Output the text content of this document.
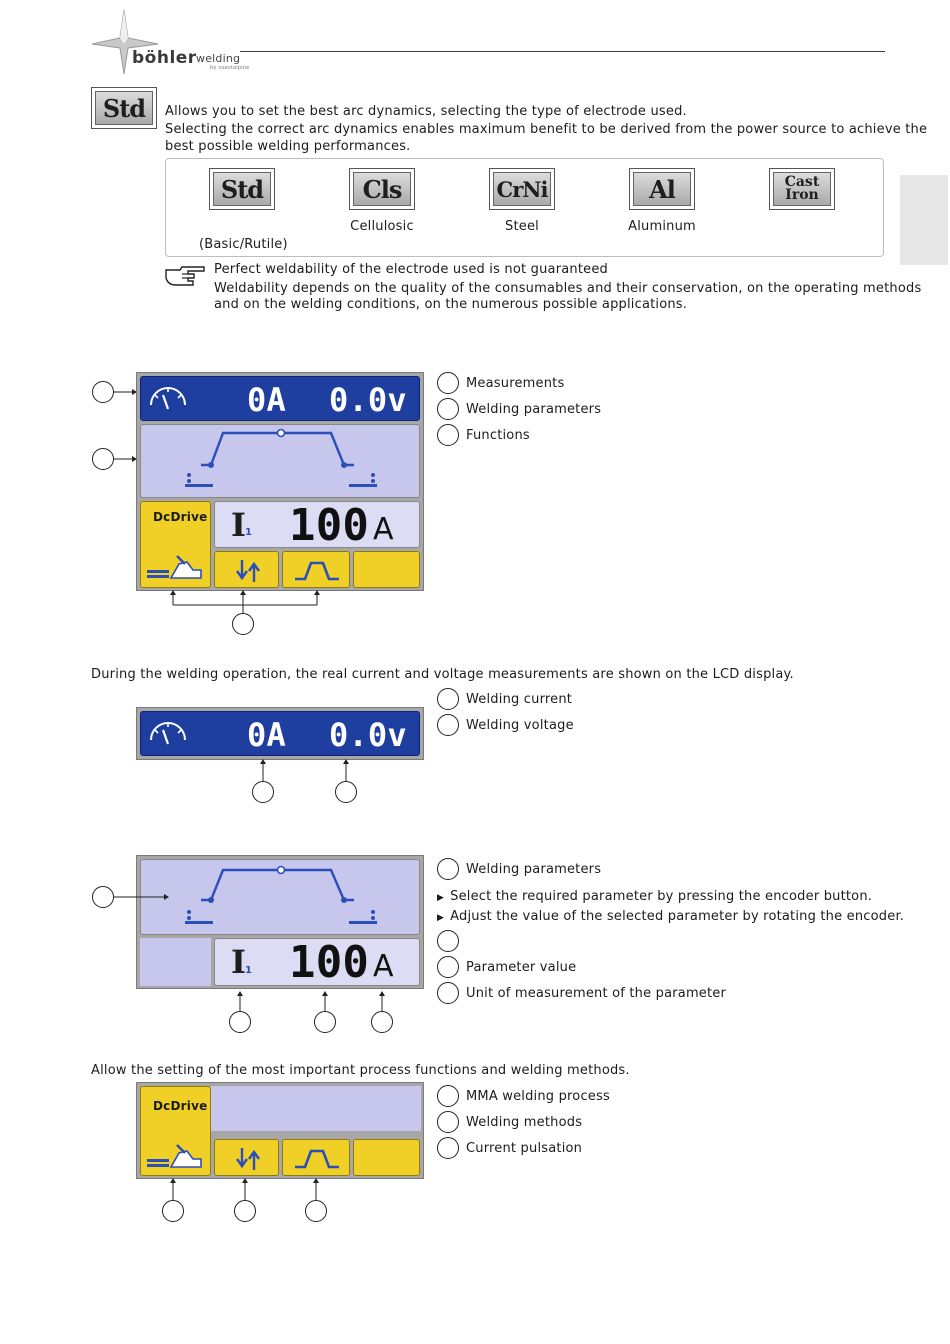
böhler welding
by voestalpine
Std	Allows you to set the best arc dynamics, selecting the type of electrode used.
Selecting the correct arc dynamics enables maximum benefit to be derived from the power source to achieve the
best possible welding performances.
Std	Cls	CrNi	Al	Cast
Iron
(Basic/Rutile)
Cellulosic	Steel	Aluminum
Perfect weldability of the electrode used is not guaranteed
Weldability depends on the quality of the consumables and their conservation, on the operating methods
and on the welding conditions, on the numerous possible applications.
0A 0.0v
DcDrive I
1 100 A
Measurements
Welding parameters
Functions
During the welding operation, the real current and voltage measurements are shown on the LCD display.
0A 0.0v
Welding current
Welding voltage
I
1 100 A
Welding parameters
▶ Select the required parameter by pressing the encoder button.
▶ Adjust the value of the selected parameter by rotating the encoder.
Parameter value
Unit of measurement of the parameter
Allow the setting of the most important process functions and welding methods.
DcDrive
MMA welding process
Welding methods
Current pulsation
